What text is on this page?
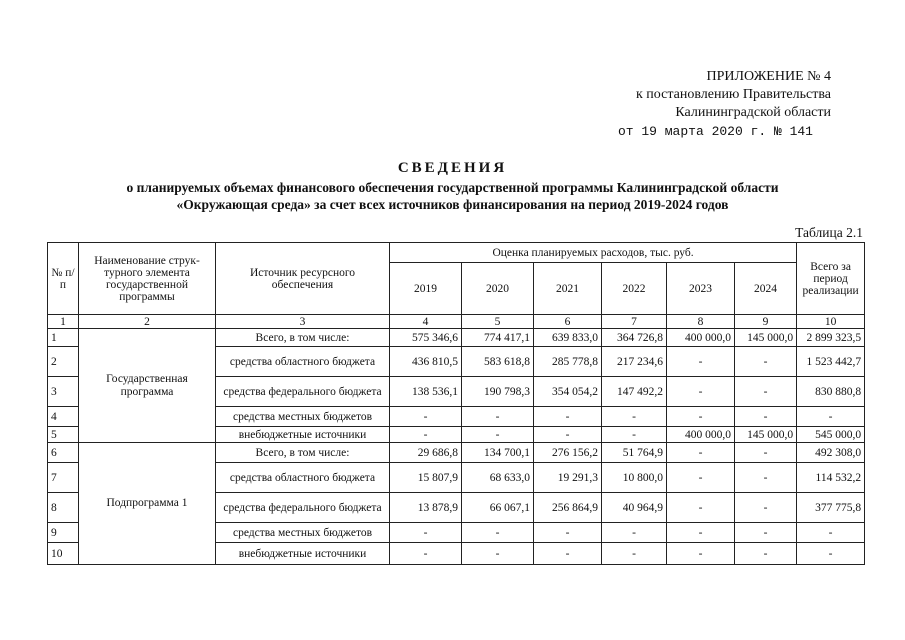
ПРИЛОЖЕНИЕ № 4
к постановлению Правительства
Калининградской области
от 19 марта 2020 г. № 141
СВЕДЕНИЯ
о планируемых объемах финансового обеспечения государственной программы Калининградской области
«Окружающая среда» за счет всех источников финансирования на период 2019-2024 годов
Таблица 2.1
№ п/п	Наименование струк-турного элемента государственной программы	Источник ресурсного обеспечения	Оценка планируемых расходов, тыс. руб.						Всего за период реализации
			2019	2020	2021	2022	2023	2024	
1	2	3	4	5	6	7	8	9	10
1	Государственная программа	Всего, в том числе:	575 346,6	774 417,1	639 833,0	364 726,8	400 000,0	145 000,0	2 899 323,5
2		средства областного бюджета	436 810,5	583 618,8	285 778,8	217 234,6	-	-	1 523 442,7
3		средства федерального бюджета	138 536,1	190 798,3	354 054,2	147 492,2	-	-	830 880,8
4		средства местных бюджетов	-	-	-	-	-	-	-
5		внебюджетные источники	-	-	-	-	400 000,0	145 000,0	545 000,0
6	Подпрограмма 1	Всего, в том числе:	29 686,8	134 700,1	276 156,2	51 764,9	-	-	492 308,0
7		средства областного бюджета	15 807,9	68 633,0	19 291,3	10 800,0	-	-	114 532,2
8		средства федерального бюджета	13 878,9	66 067,1	256 864,9	40 964,9	-	-	377 775,8
9		средства местных бюджетов	-	-	-	-	-	-	-
10		внебюджетные источники	-	-	-	-	-	-	-
